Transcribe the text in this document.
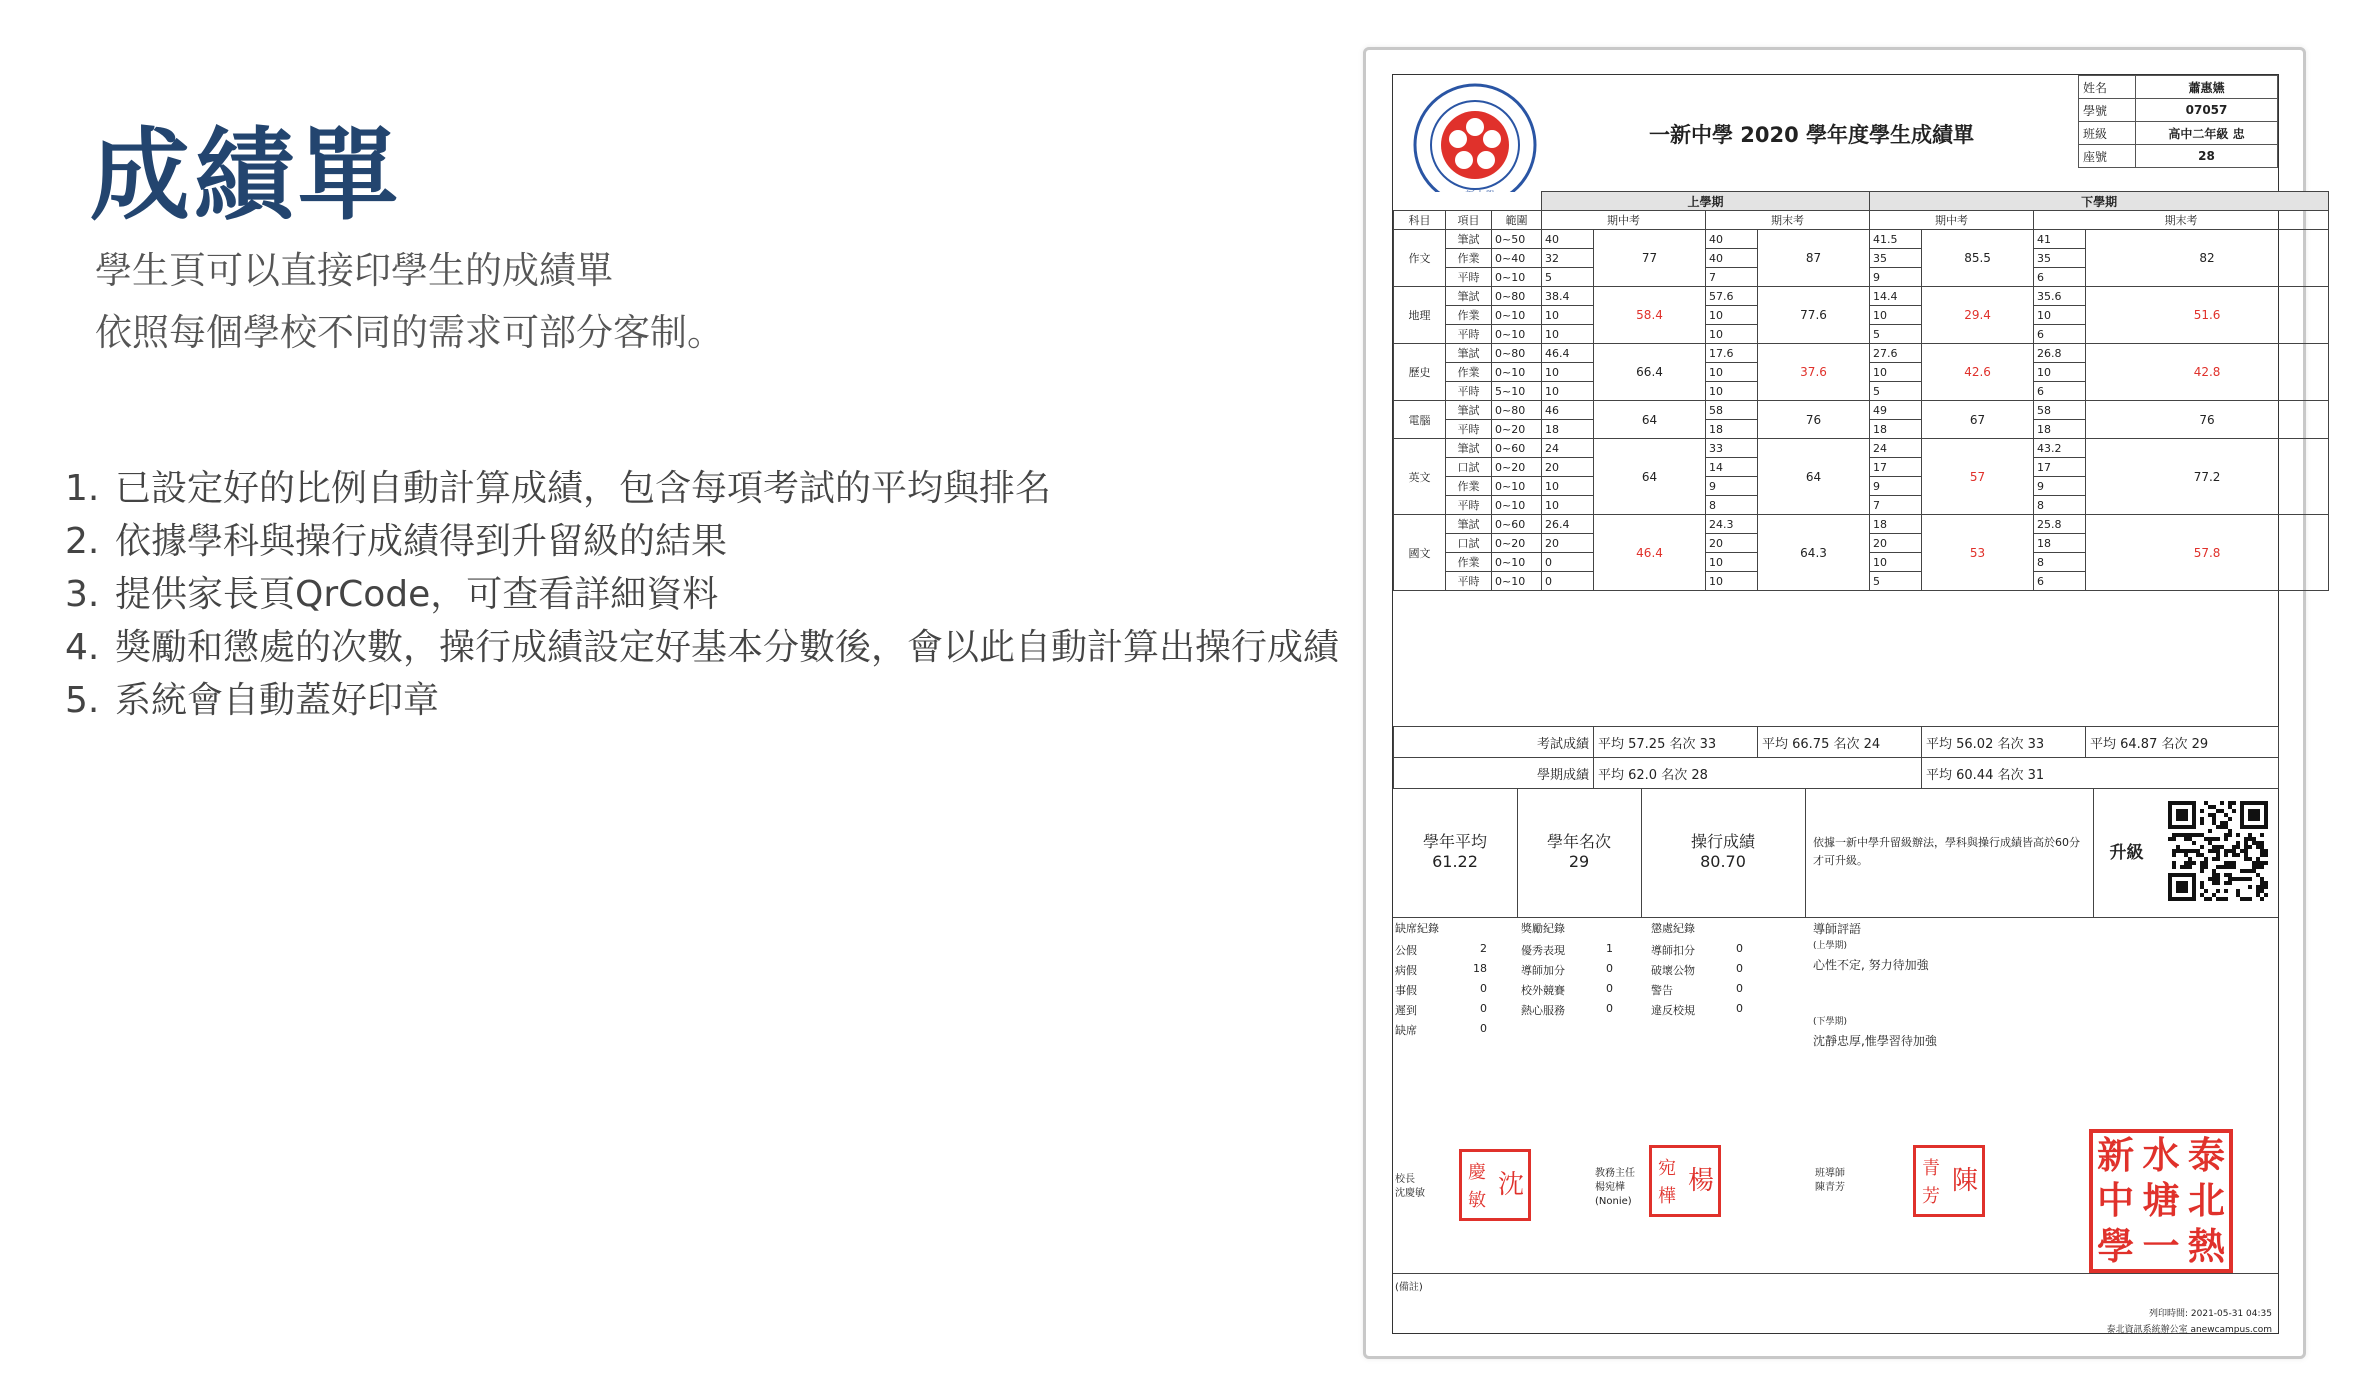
成績單
學生頁可以直接印學生的成績單
依照每個學校不同的需求可部分客制。
1. 已設定好的比例自動計算成績，包含每項考試的平均與排名
2. 依據學科與操行成績得到升留級的結果
3. 提供家長頁QrCode，可查看詳細資料
4. 獎勵和懲處的次數，操行成績設定好基本分數後，會以此自動計算出操行成績
5. 系統會自動蓋好印章
一新中學 2020 學年度學生成績單
姓名	蕭惠嬿
學號	07057
班級	高中二年級 忠
座號	28
			上學期				下學期			
科目	項目	範圍	期中考		期末考		期中考		期末考	
作文	筆試	0~50	40	77	40	87	41.5	85.5	41	82
	作業	0~40	32		40		35		35	
	平時	0~10	5		7		9		6	
地理	筆試	0~80	38.4	58.4	57.6	77.6	14.4	29.4	35.6	51.6
	作業	0~10	10		10		10		10	
	平時	0~10	10		10		5		6	
歷史	筆試	0~80	46.4	66.4	17.6	37.6	27.6	42.6	26.8	42.8
	作業	0~10	10		10		10		10	
	平時	5~10	10		10		5		6	
電腦	筆試	0~80	46	64	58	76	49	67	58	76
	平時	0~20	18		18		18		18	
英文	筆試	0~60	24	64	33	64	24	57	43.2	77.2
	口試	0~20	20		14		17		17	
	作業	0~10	10		9		9		9	
	平時	0~10	10		8		7		8	
國文	筆試	0~60	26.4	46.4	24.3	64.3	18	53	25.8	57.8
	口試	0~20	20		20		20		18	
	作業	0~10	0		10		10		8	
	平時	0~10	0		10		5		6	
考試成績	平均 57.25 名次 33	平均 66.75 名次 24	平均 56.02 名次 33	平均 64.87 名次 29
學期成績	平均 62.0 名次 28		平均 60.44 名次 31	
學年平均
61.22
學年名次
29
操行成績
80.70
依據一新中學升留級辦法，學科與操行成績皆高於60分才可升級。	升級
缺席紀錄
公假	2
病假	18
事假	0
遲到	0
缺席	0
獎勵紀錄
優秀表現	1
導師加分	0
校外競賽	0
熱心服務	0
懲處紀錄
導師扣分	0
破壞公物	0
警告	0
違反校規	0
導師評語
(上學期)
心性不定, 努力待加強
(下學期)
沈靜忠厚,惟學習待加強
校長
沈慶敏	沈
慶
敏
教務主任
楊宛樺
(Nonie)
楊
宛
樺
班導師
陳青芳	陳
青
芳
新 水 泰
中 塘 北
學 一 熱
(備註)
列印時間: 2021-05-31 04:35
泰北資訊系統辦公室 anewcampus.com
